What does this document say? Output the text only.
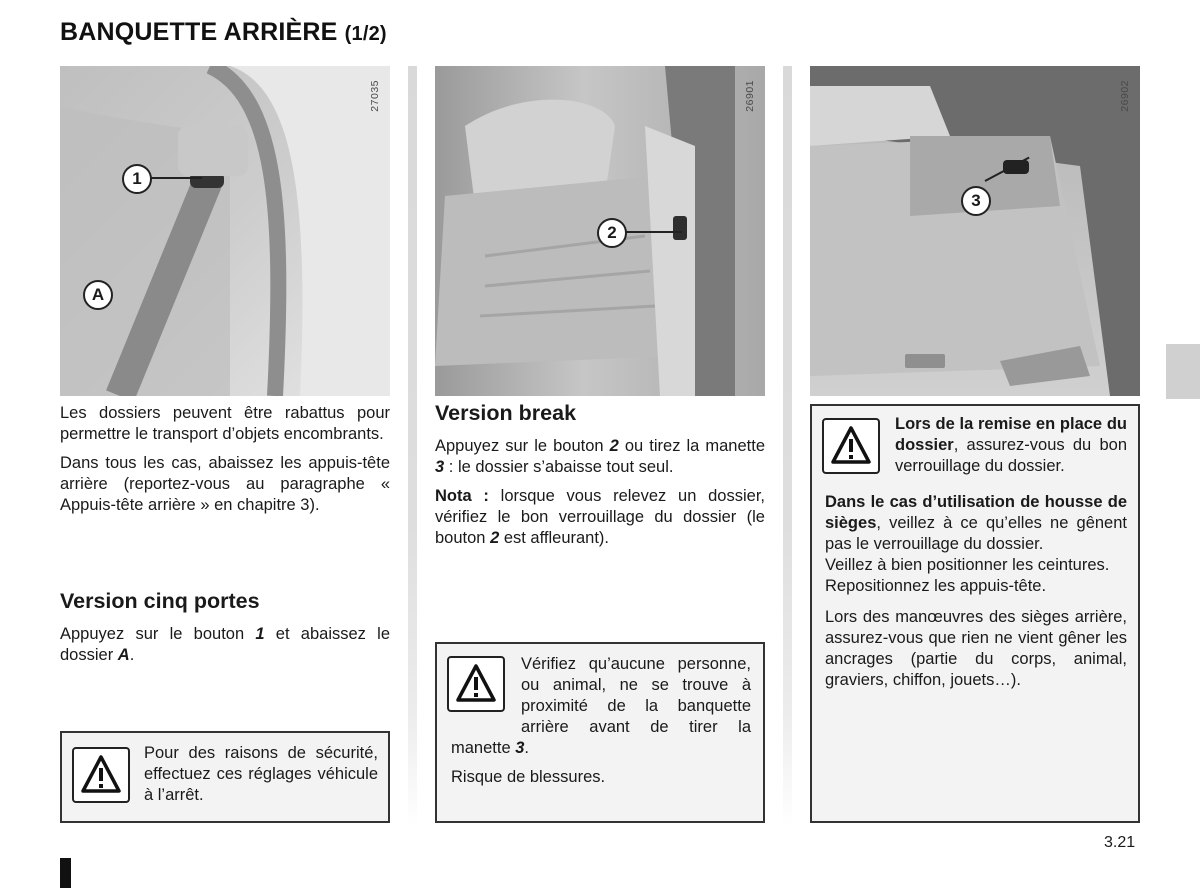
BANQUETTE ARRIÈRE (1/2)
27035
1
A
26901
2
26902
3

Les dossiers peuvent être rabattus pour permettre le transport d’objets encombrants.

Dans tous les cas, abaissez les appuis-tête arrière (reportez-vous au paragraphe « Appuis-tête arrière » en chapitre 3).

Version cinq portes

Appuyez sur le bouton 1 et abaissez le dossier A.

Pour des raisons de sécurité, effectuez ces réglages véhicule à l’arrêt.

Version break

Appuyez sur le bouton 2 ou tirez la manette 3 : le dossier s’abaisse tout seul.

Nota : lorsque vous relevez un dossier, vérifiez le bon verrouillage du dossier (le bouton 2 est affleurant).

Vérifiez qu’aucune personne, ou animal, ne se trouve à proximité de la banquette arrière avant de tirer la manette 3.

Risque de blessures.

Lors de la remise en place du dossier, assurez-vous du bon verrouillage du dossier.

Dans le cas d’utilisation de housse de sièges, veillez à ce qu’elles ne gênent pas le verrouillage du dossier.

Veillez à bien positionner les ceintures.

Repositionnez les appuis-tête.

Lors des manœuvres des sièges arrière, assurez-vous que rien ne vient gêner les ancrages (partie du corps, animal, graviers, chiffon, jouets…).

3.21
